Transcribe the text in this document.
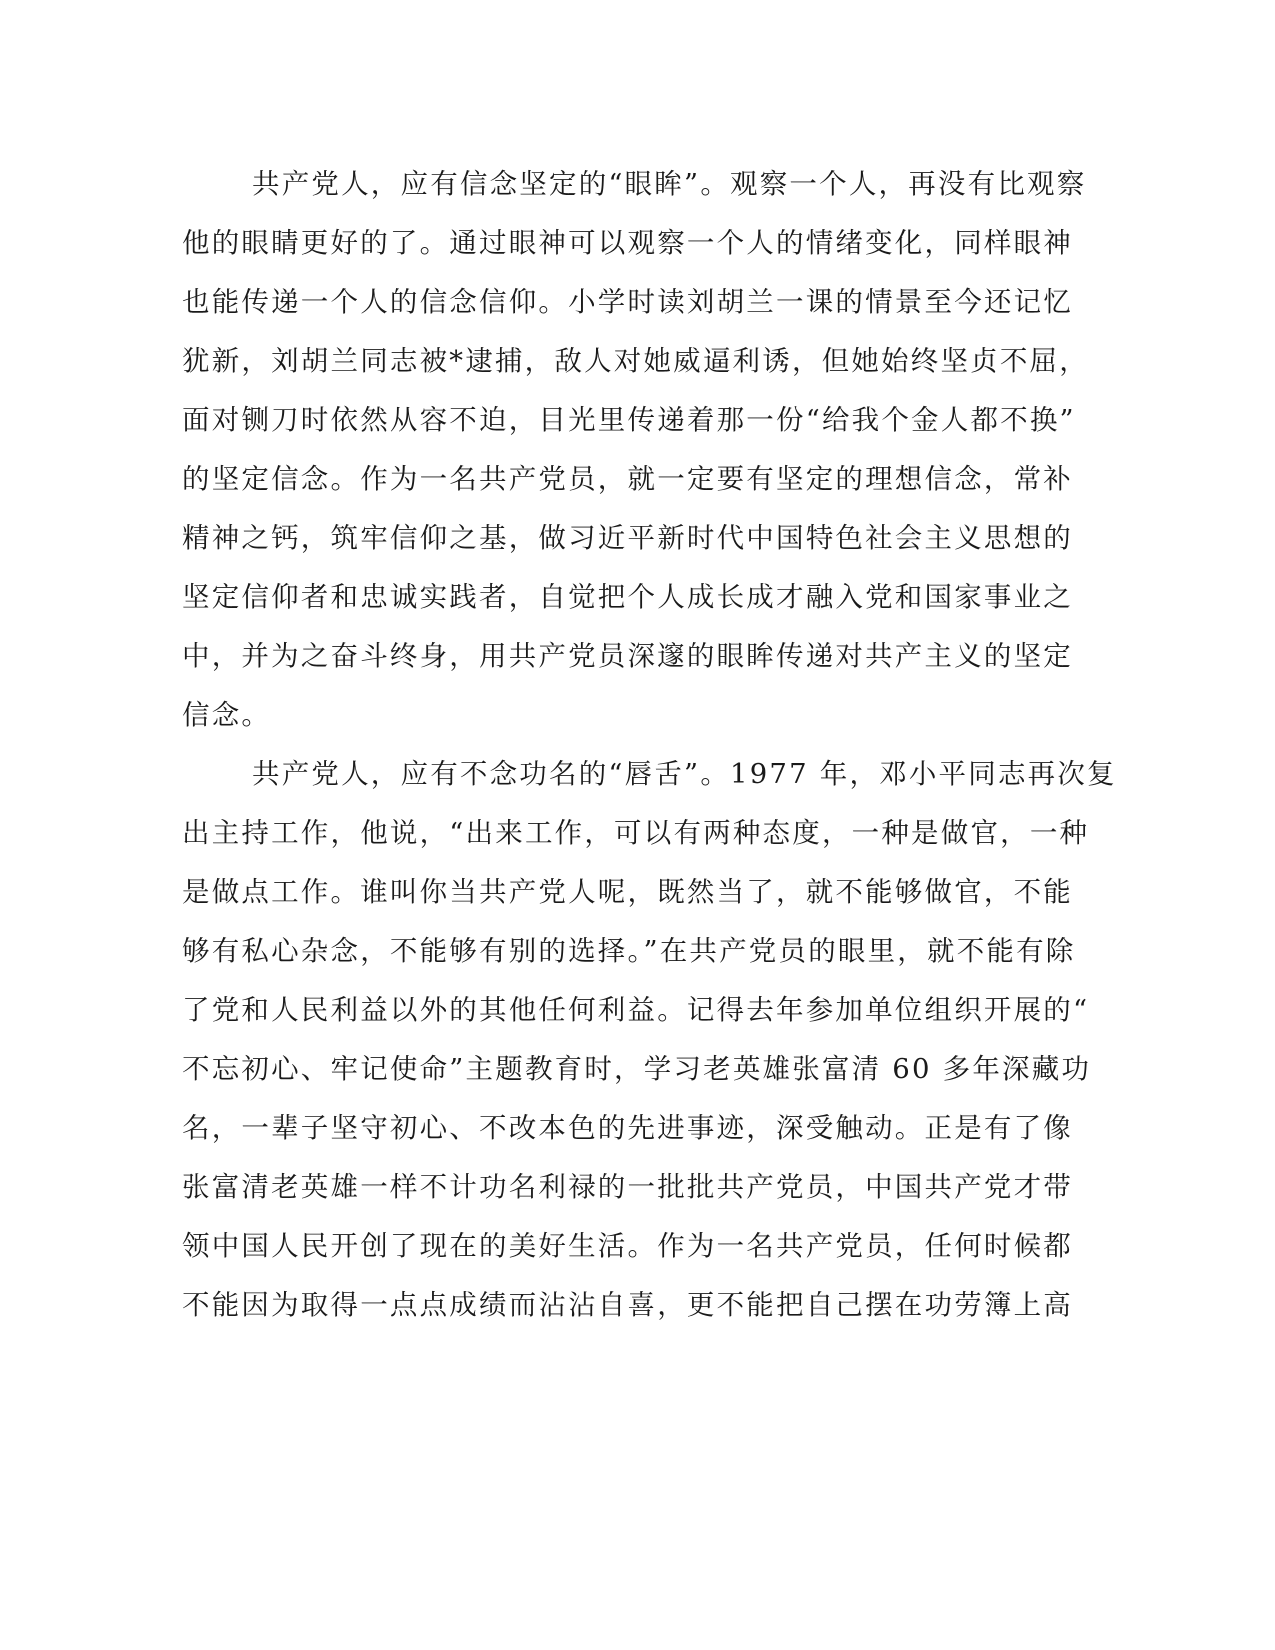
共产党人，应有信念坚定的“眼眸”。观察一个人，再没有比观察
他的眼睛更好的了。通过眼神可以观察一个人的情绪变化，同样眼神
也能传递一个人的信念信仰。小学时读刘胡兰一课的情景至今还记忆
犹新，刘胡兰同志被*逮捕，敌人对她威逼利诱，但她始终坚贞不屈，
面对铡刀时依然从容不迫，目光里传递着那一份“给我个金人都不换”
的坚定信念。作为一名共产党员，就一定要有坚定的理想信念，常补
精神之钙，筑牢信仰之基，做习近平新时代中国特色社会主义思想的
坚定信仰者和忠诚实践者，自觉把个人成长成才融入党和国家事业之
中，并为之奋斗终身，用共产党员深邃的眼眸传递对共产主义的坚定
信念。
共产党人，应有不念功名的“唇舌”。1977 年，邓小平同志再次复
出主持工作，他说，“出来工作，可以有两种态度，一种是做官，一种
是做点工作。谁叫你当共产党人呢，既然当了，就不能够做官，不能
够有私心杂念，不能够有别的选择。”在共产党员的眼里，就不能有除
了党和人民利益以外的其他任何利益。记得去年参加单位组织开展的“
不忘初心、牢记使命”主题教育时，学习老英雄张富清 60 多年深藏功
名，一辈子坚守初心、不改本色的先进事迹，深受触动。正是有了像
张富清老英雄一样不计功名利禄的一批批共产党员，中国共产党才带
领中国人民开创了现在的美好生活。作为一名共产党员，任何时候都
不能因为取得一点点成绩而沾沾自喜，更不能把自己摆在功劳簿上高
